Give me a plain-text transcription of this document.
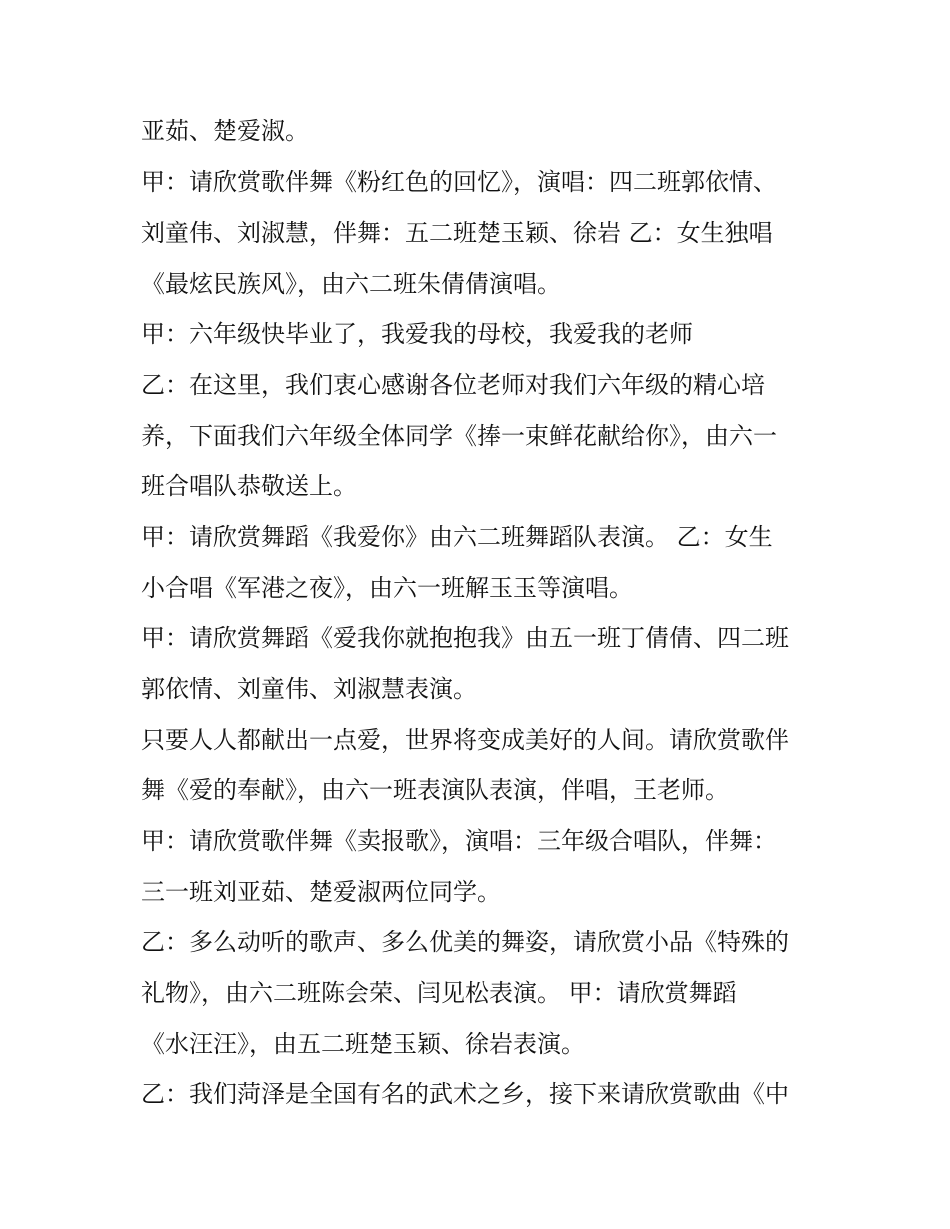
亚茹、楚爱淑。
甲：请欣赏歌伴舞《粉红色的回忆》，演唱：四二班郭依情、
刘童伟、刘淑慧，伴舞：五二班楚玉颖、徐岩 乙：女生独唱
《最炫民族风》，由六二班朱倩倩演唱。
甲：六年级快毕业了，我爱我的母校，我爱我的老师
乙：在这里，我们衷心感谢各位老师对我们六年级的精心培
养，下面我们六年级全体同学《捧一束鲜花献给你》，由六一
班合唱队恭敬送上。
甲：请欣赏舞蹈《我爱你》由六二班舞蹈队表演。 乙：女生
小合唱《军港之夜》，由六一班解玉玉等演唱。
甲：请欣赏舞蹈《爱我你就抱抱我》由五一班丁倩倩、四二班
郭依情、刘童伟、刘淑慧表演。
只要人人都献出一点爱，世界将变成美好的人间。请欣赏歌伴
舞《爱的奉献》，由六一班表演队表演，伴唱，王老师。
甲：请欣赏歌伴舞《卖报歌》，演唱：三年级合唱队，伴舞：
三一班刘亚茹、楚爱淑两位同学。
乙：多么动听的歌声、多么优美的舞姿，请欣赏小品《特殊的
礼物》，由六二班陈会荣、闫见松表演。 甲：请欣赏舞蹈
《水汪汪》，由五二班楚玉颖、徐岩表演。
乙：我们菏泽是全国有名的武术之乡，接下来请欣赏歌曲《中
